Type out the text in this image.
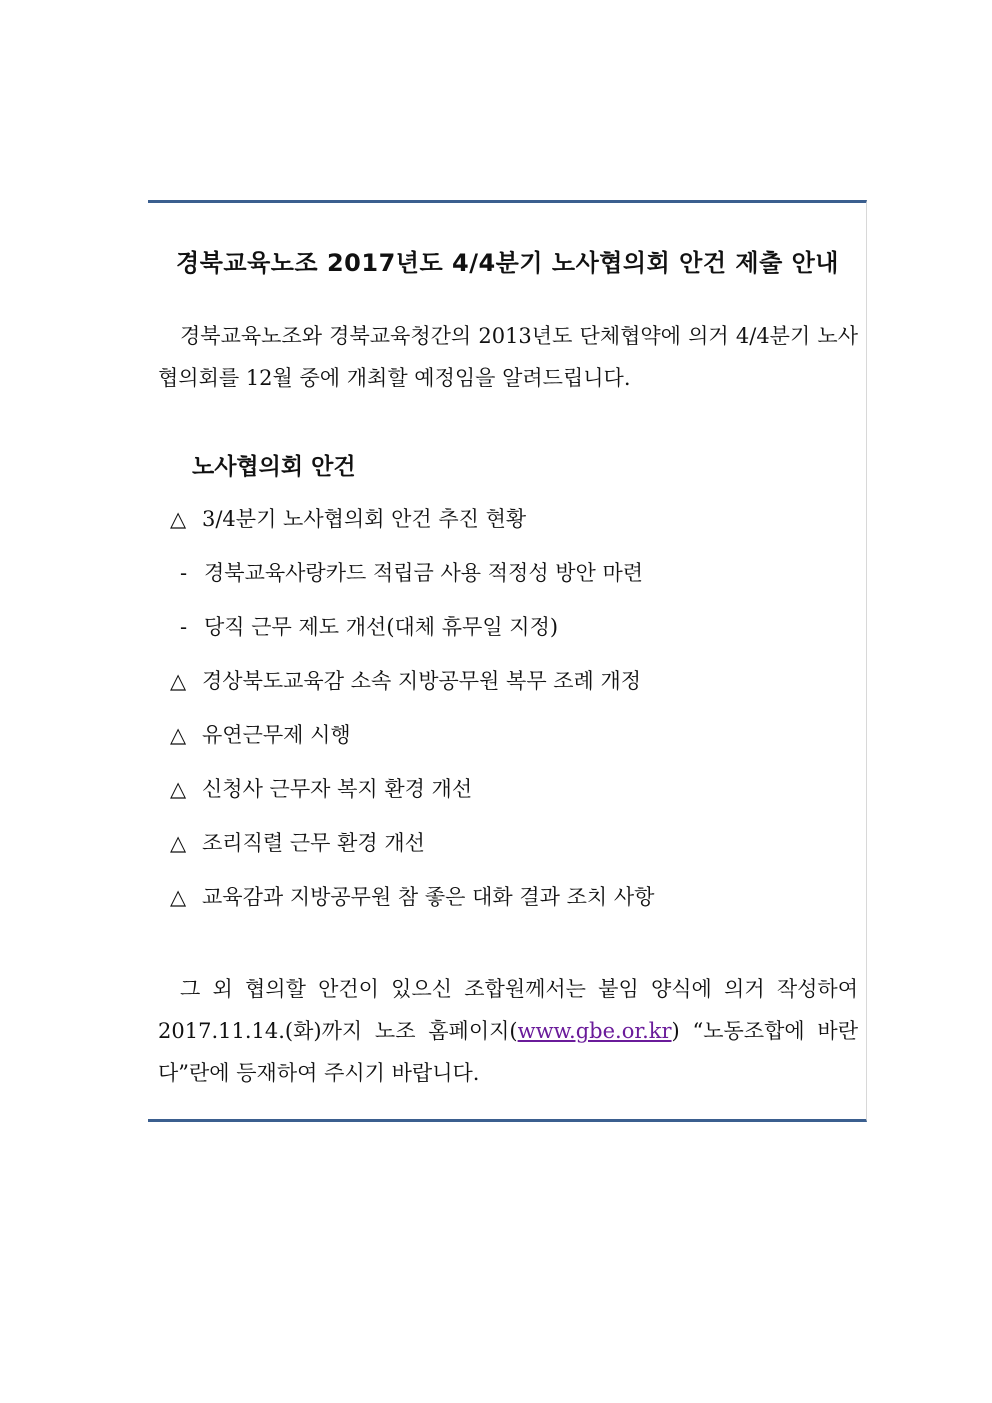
경북교육노조 2017년도 4/4분기 노사협의회 안건 제출 안내
경북교육노조와 경북교육청간의 2013년도 단체협약에 의거 4/4분기 노사협의회를 12월 중에 개최할 예정임을 알려드립니다.
노사협의회 안건
△ 3/4분기 노사협의회 안건 추진 현황
- 경북교육사랑카드 적립금 사용 적정성 방안 마련
- 당직 근무 제도 개선(대체 휴무일 지정)
△ 경상북도교육감 소속 지방공무원 복무 조례 개정
△ 유연근무제 시행
△ 신청사 근무자 복지 환경 개선
△ 조리직렬 근무 환경 개선
△ 교육감과 지방공무원 참 좋은 대화 결과 조치 사항
그 외 협의할 안건이 있으신 조합원께서는 붙임 양식에 의거 작성하여 2017.11.14.(화)까지 노조 홈페이지(www.gbe.or.kr) “노동조합에 바란다”란에 등재하여 주시기 바랍니다.
